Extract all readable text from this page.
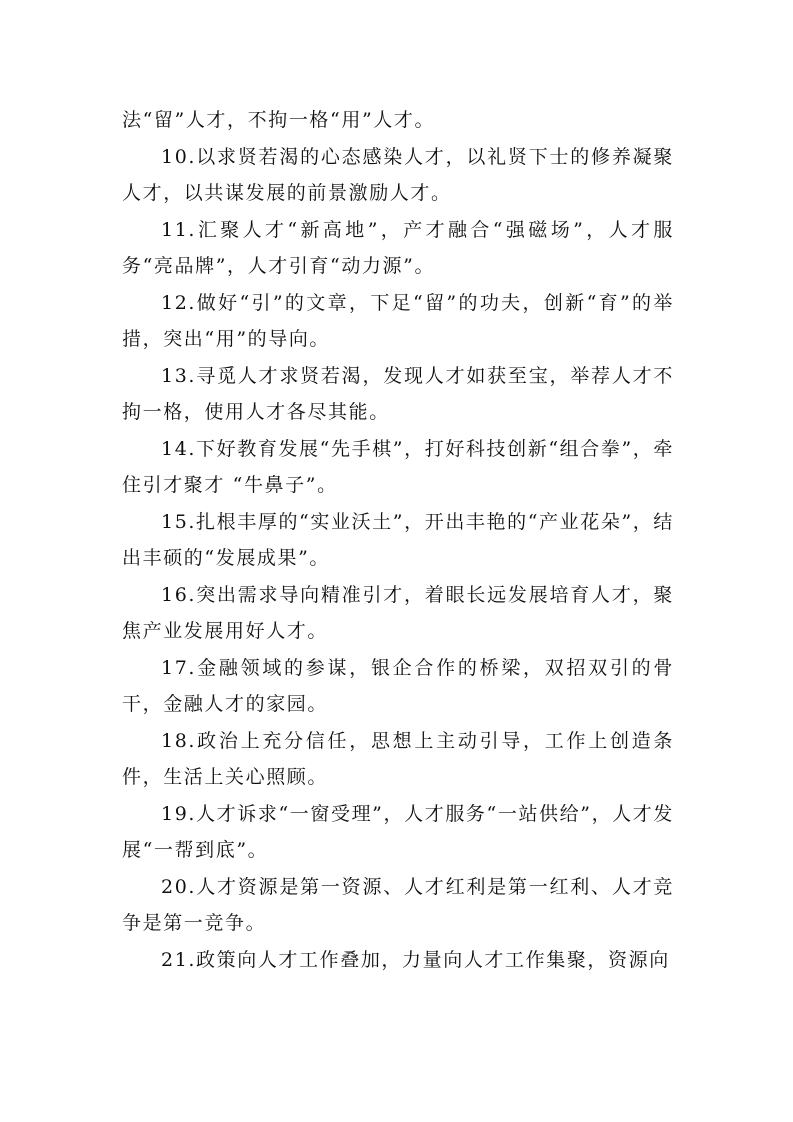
法“留”人才，不拘一格“用”人才。

10.以求贤若渴的心态感染人才，以礼贤下士的修养凝聚人才，以共谋发展的前景激励人才。

11.汇聚人才“新高地”，产才融合“强磁场”，人才服务“亮品牌”，人才引育“动力源”。

12.做好“引”的文章，下足“留”的功夫，创新“育”的举措，突出“用”的导向。

13.寻觅人才求贤若渴，发现人才如获至宝，举荐人才不拘一格，使用人才各尽其能。

14.下好教育发展“先手棋”，打好科技创新“组合拳”，牵住引才聚才 “牛鼻子”。

15.扎根丰厚的“实业沃土”，开出丰艳的“产业花朵”，结出丰硕的“发展成果”。

16.突出需求导向精准引才，着眼长远发展培育人才，聚焦产业发展用好人才。

17.金融领域的参谋，银企合作的桥梁，双招双引的骨干，金融人才的家园。

18.政治上充分信任，思想上主动引导，工作上创造条件，生活上关心照顾。

19.人才诉求“一窗受理”，人才服务“一站供给”，人才发展“一帮到底”。

20.人才资源是第一资源、人才红利是第一红利、人才竞争是第一竞争。

21.政策向人才工作叠加，力量向人才工作集聚，资源向
